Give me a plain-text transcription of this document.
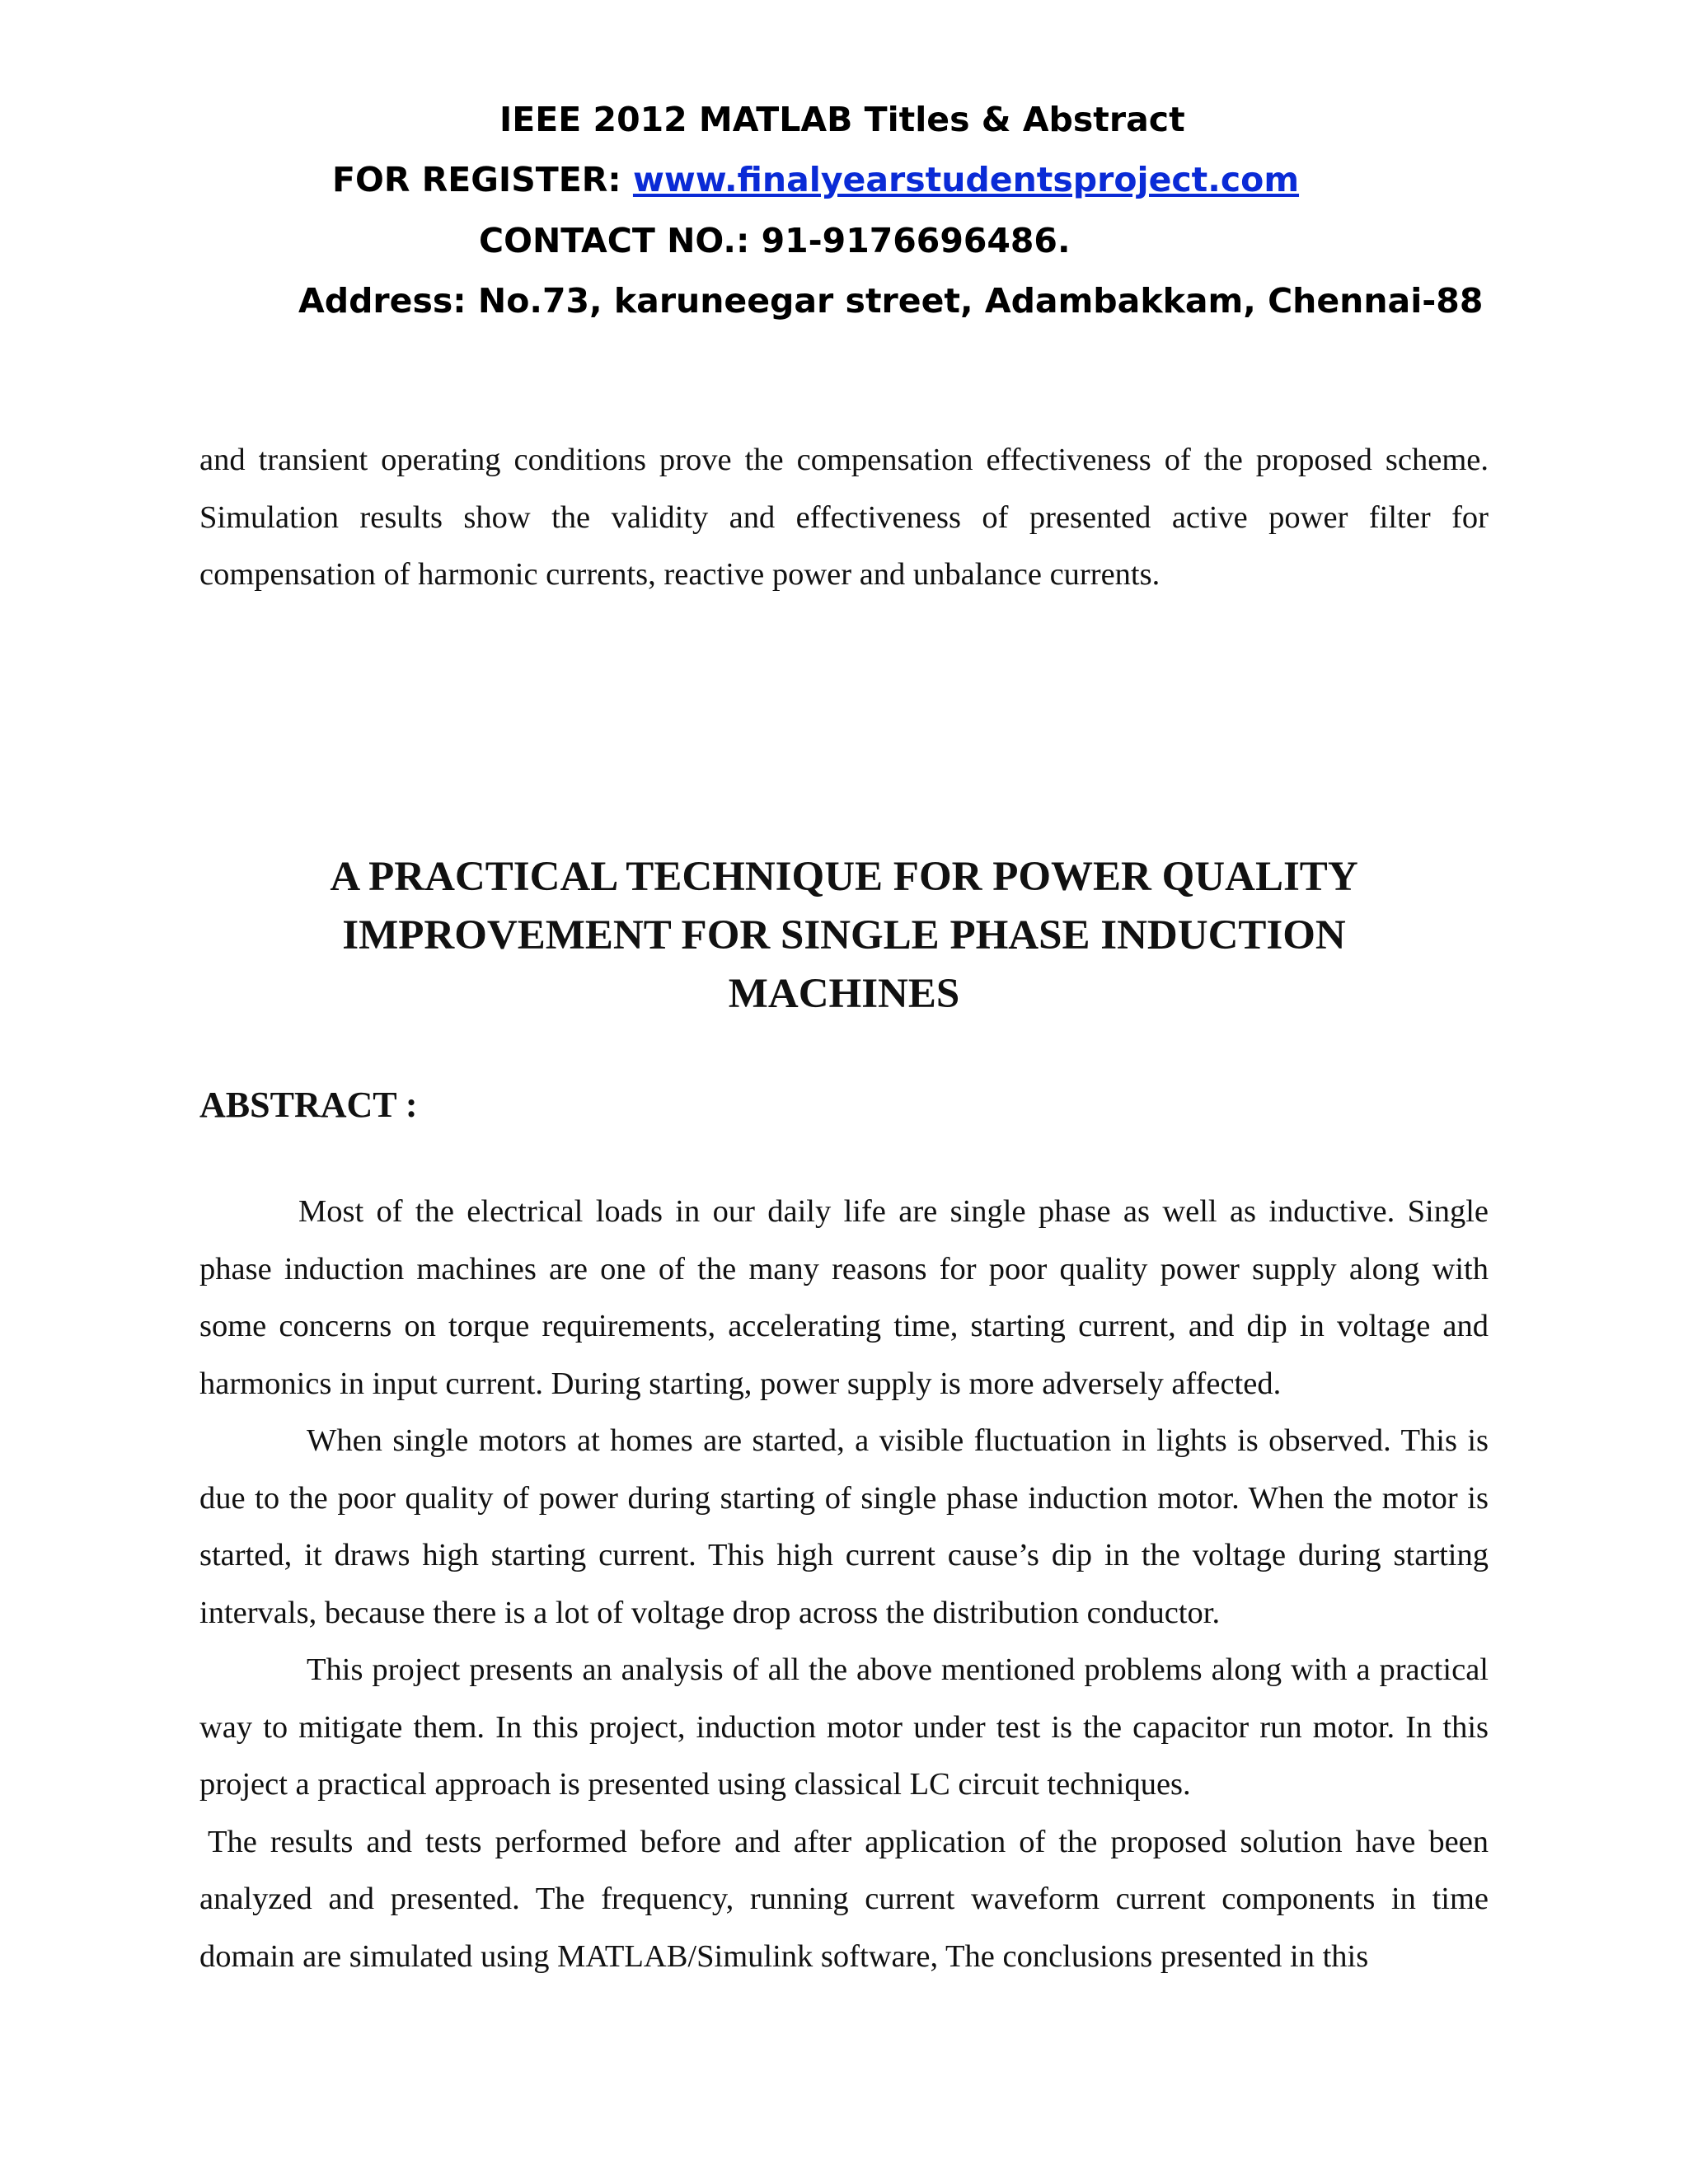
IEEE 2012 MATLAB Titles & Abstract
FOR REGISTER: www.finalyearstudentsproject.com
CONTACT NO.: 91-9176696486.
Address: No.73, karuneegar street, Adambakkam, Chennai-88

and transient operating conditions prove the compensation effectiveness of the proposed scheme. Simulation results show the validity and effectiveness of presented active power filter for compensation of harmonic currents, reactive power and unbalance currents.

A PRACTICAL TECHNIQUE FOR POWER QUALITY
IMPROVEMENT FOR SINGLE PHASE INDUCTION
MACHINES
ABSTRACT :
Most of the electrical loads in our daily life are single phase as well as inductive. Single phase induction machines are one of the many reasons for poor quality power supply along with some concerns on torque requirements, accelerating time, starting current, and dip in voltage and harmonics in input current. During starting, power supply is more adversely affected.
When single motors at homes are started, a visible fluctuation in lights is observed. This is due to the poor quality of power during starting of single phase induction motor. When the motor is started, it draws high starting current. This high current cause’s dip in the voltage during starting intervals, because there is a lot of voltage drop across the distribution conductor.
This project presents an analysis of all the above mentioned problems along with a practical way to mitigate them. In this project, induction motor under test is the capacitor run motor. In this project a practical approach is presented using classical LC circuit techniques.
The results and tests performed before and after application of the proposed solution have been analyzed and presented. The frequency, running current waveform current components in time domain are simulated using MATLAB/Simulink software, The conclusions presented in this
